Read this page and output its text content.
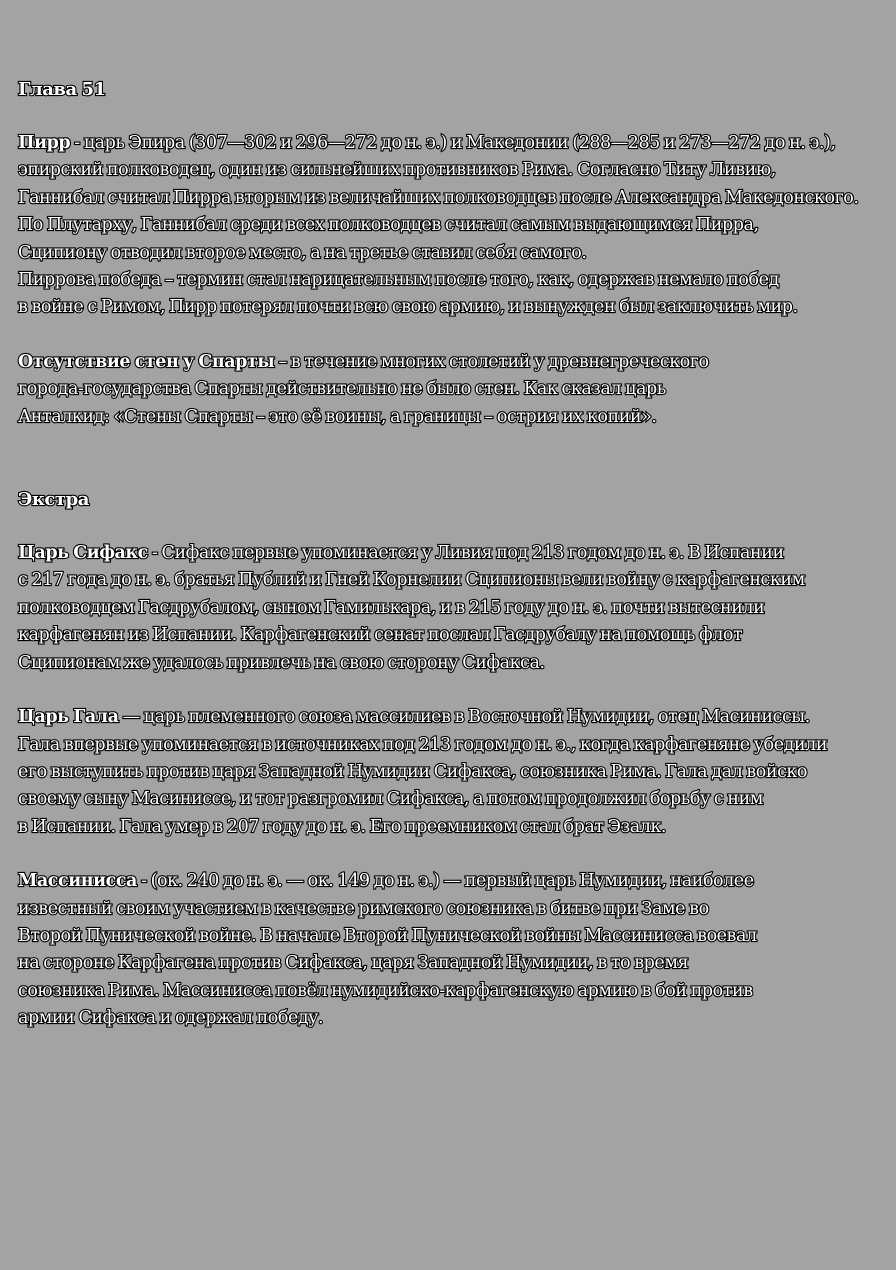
Глава 51
Пирр - царь Эпира (307—302 и 296—272 до н. э.) и Македонии (288—285 и 273—272 до н. э.),
эпирский полководец, один из сильнейших противников Рима. Согласно Титу Ливию,
Ганнибал считал Пирра вторым из величайших полководцев после Александра Македонского.
По Плутарху, Ганнибал среди всех полководцев считал самым выдающимся Пирра,
Сципиону отводил второе место, а на третье ставил себя самого.
Пиррова победа – термин стал нарицательным после того, как, одержав немало побед
в войне с Римом, Пирр потерял почти всю свою армию, и вынужден был заключить мир.
Отсутствие стен у Спарты – в течение многих столетий у древнегреческого
города-государства Спарты действительно не было стен. Как сказал царь
Анталкид: «Стены Спарты – это её воины, а границы – острия их копий».
Экстра
Царь Сифакс - Сифакс первые упоминается у Ливия под 213 годом до н. э. В Испании
с 217 года до н. э. братья Публий и Гней Корнелии Сципионы вели войну с карфагенским
полководцем Гасдрубалом, сыном Гамилькара, и в 215 году до н. э. почти вытеснили
карфагенян из Испании. Карфагенский сенат послал Гасдрубалу на помощь флот
Сципионам же удалось привлечь на свою сторону Сифакса.
Царь Гала — царь племенного союза массилиев в Восточной Нумидии, отец Масиниссы.
Гала впервые упоминается в источниках под 213 годом до н. э., когда карфагеняне убедили
его выступить против царя Западной Нумидии Сифакса, союзника Рима. Гала дал войско
своему сыну Масиниссе, и тот разгромил Сифакса, а потом продолжил борьбу с ним
в Испании. Гала умер в 207 году до н. э. Его преемником стал брат Эзалк.
Массинисса - (ок. 240 до н. э. — ок. 149 до н. э.) — первый царь Нумидии, наиболее
известный своим участием в качестве римского союзника в битве при Заме во
Второй Пунической войне. В начале Второй Пунической войны Массинисса воевал
на стороне Карфагена против Сифакса, царя Западной Нумидии, в то время
союзника Рима. Массинисса повёл нумидийско-карфагенскую армию в бой против
армии Сифакса и одержал победу.
